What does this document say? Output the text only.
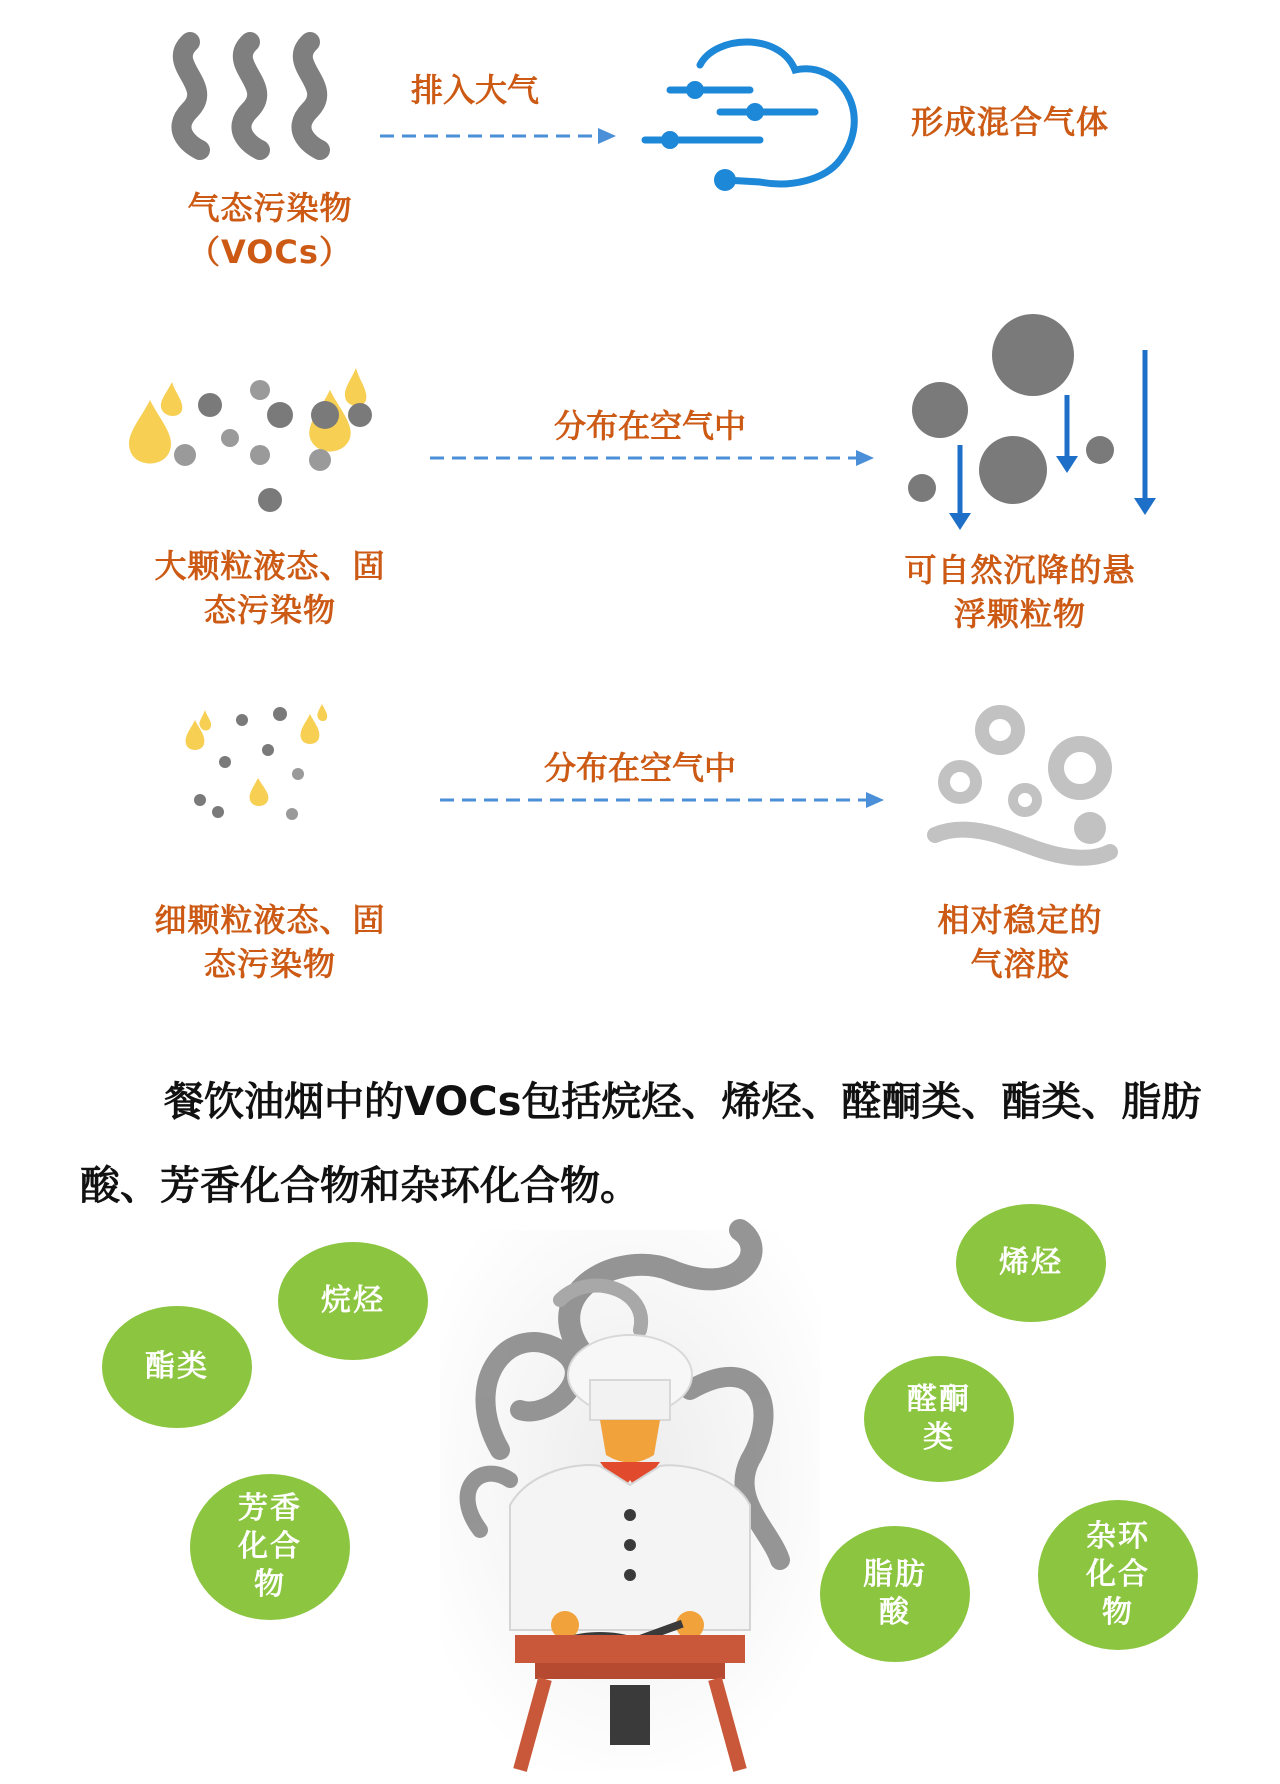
气态污染物
（VOCs）
排入大气
形成混合气体
大颗粒液态、固
态污染物
分布在空气中
可自然沉降的悬
浮颗粒物
细颗粒液态、固
态污染物
分布在空气中
相对稳定的
气溶胶

餐饮油烟中的VOCs包括烷烃、烯烃、醛酮类、酯类、脂肪酸、芳香化合物和杂环化合物。

烷烃
酯类
芳香化合物
烯烃
醛酮类
脂肪酸
杂环化合物
